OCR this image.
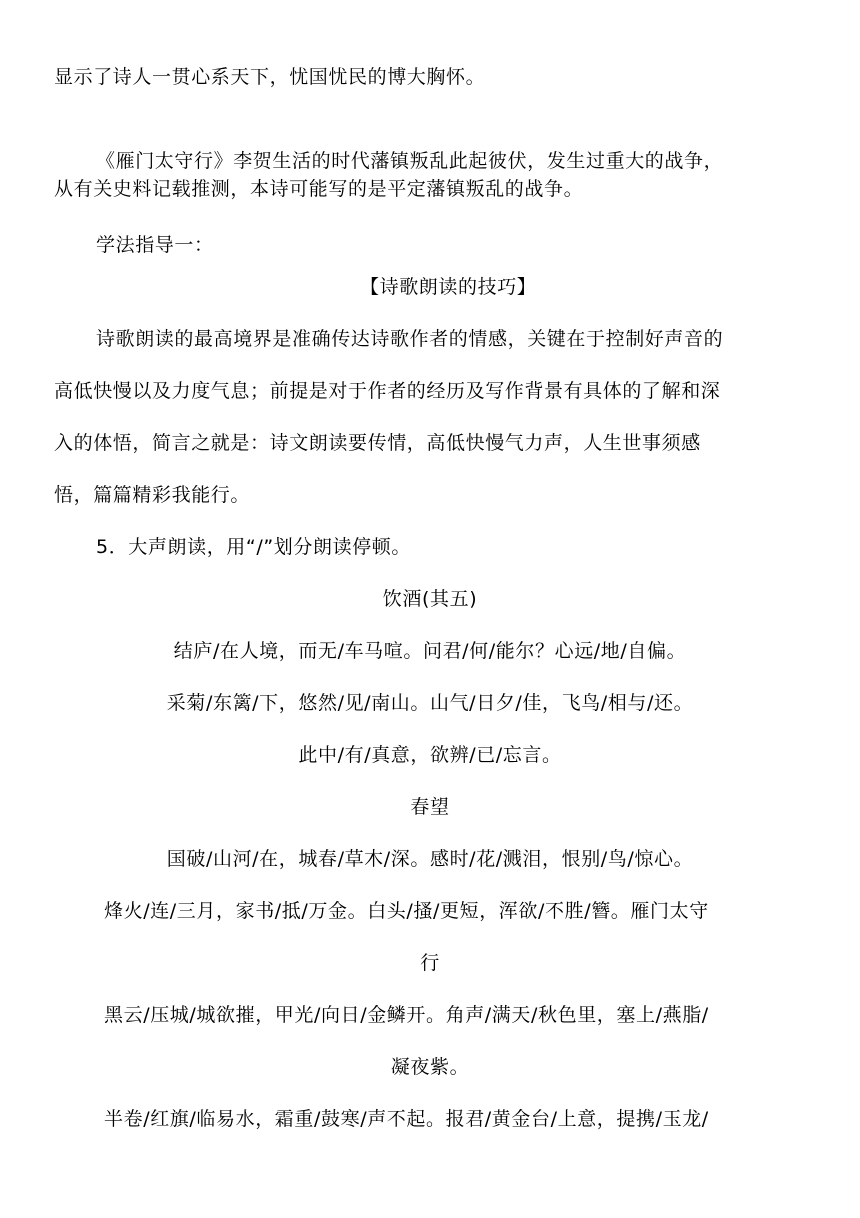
显示了诗人一贯心系天下，忧国忧民的博大胸怀。
《雁门太守行》李贺生活的时代藩镇叛乱此起彼伏，发生过重大的战争，
从有关史料记载推测，本诗可能写的是平定藩镇叛乱的战争。
学法指导一：
【诗歌朗读的技巧】
诗歌朗读的最高境界是准确传达诗歌作者的情感，关键在于控制好声音的
高低快慢以及力度气息；前提是对于作者的经历及写作背景有具体的了解和深
入的体悟，简言之就是：诗文朗读要传情，高低快慢气力声，人生世事须感
悟，篇篇精彩我能行。
5．大声朗读，用“/”划分朗读停顿。
饮酒(其五)
结庐/在人境，而无/车马喧。问君/何/能尔？心远/地/自偏。
采菊/东篱/下，悠然/见/南山。山气/日夕/佳，飞鸟/相与/还。
此中/有/真意，欲辨/已/忘言。
春望
国破/山河/在，城春/草木/深。感时/花/溅泪，恨别/鸟/惊心。
烽火/连/三月，家书/抵/万金。白头/搔/更短，浑欲/不胜/簪。雁门太守
行
黑云/压城/城欲摧，甲光/向日/金鳞开。角声/满天/秋色里，塞上/燕脂/
凝夜紫。
半卷/红旗/临易水，霜重/鼓寒/声不起。报君/黄金台/上意，提携/玉龙/
